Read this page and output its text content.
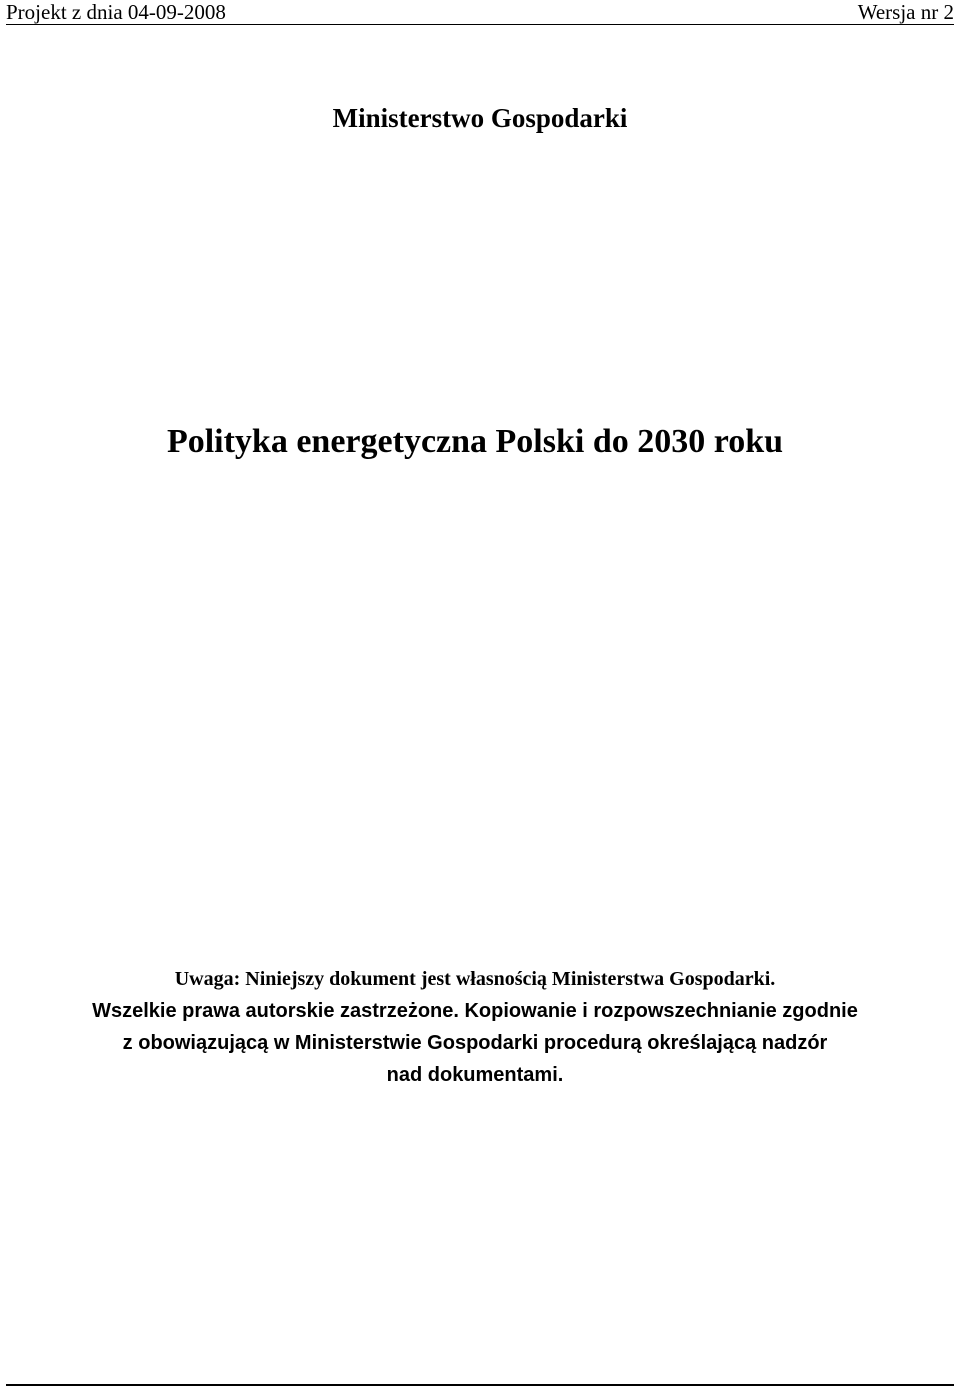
Projekt z dnia 04-09-2008	Wersja nr 2
Ministerstwo Gospodarki
Polityka energetyczna Polski do 2030 roku
Uwaga: Niniejszy dokument jest własnością Ministerstwa Gospodarki.
Wszelkie prawa autorskie zastrzeżone. Kopiowanie i rozpowszechnianie zgodnie
z obowiązującą w Ministerstwie Gospodarki procedurą określającą nadzór
nad dokumentami.
